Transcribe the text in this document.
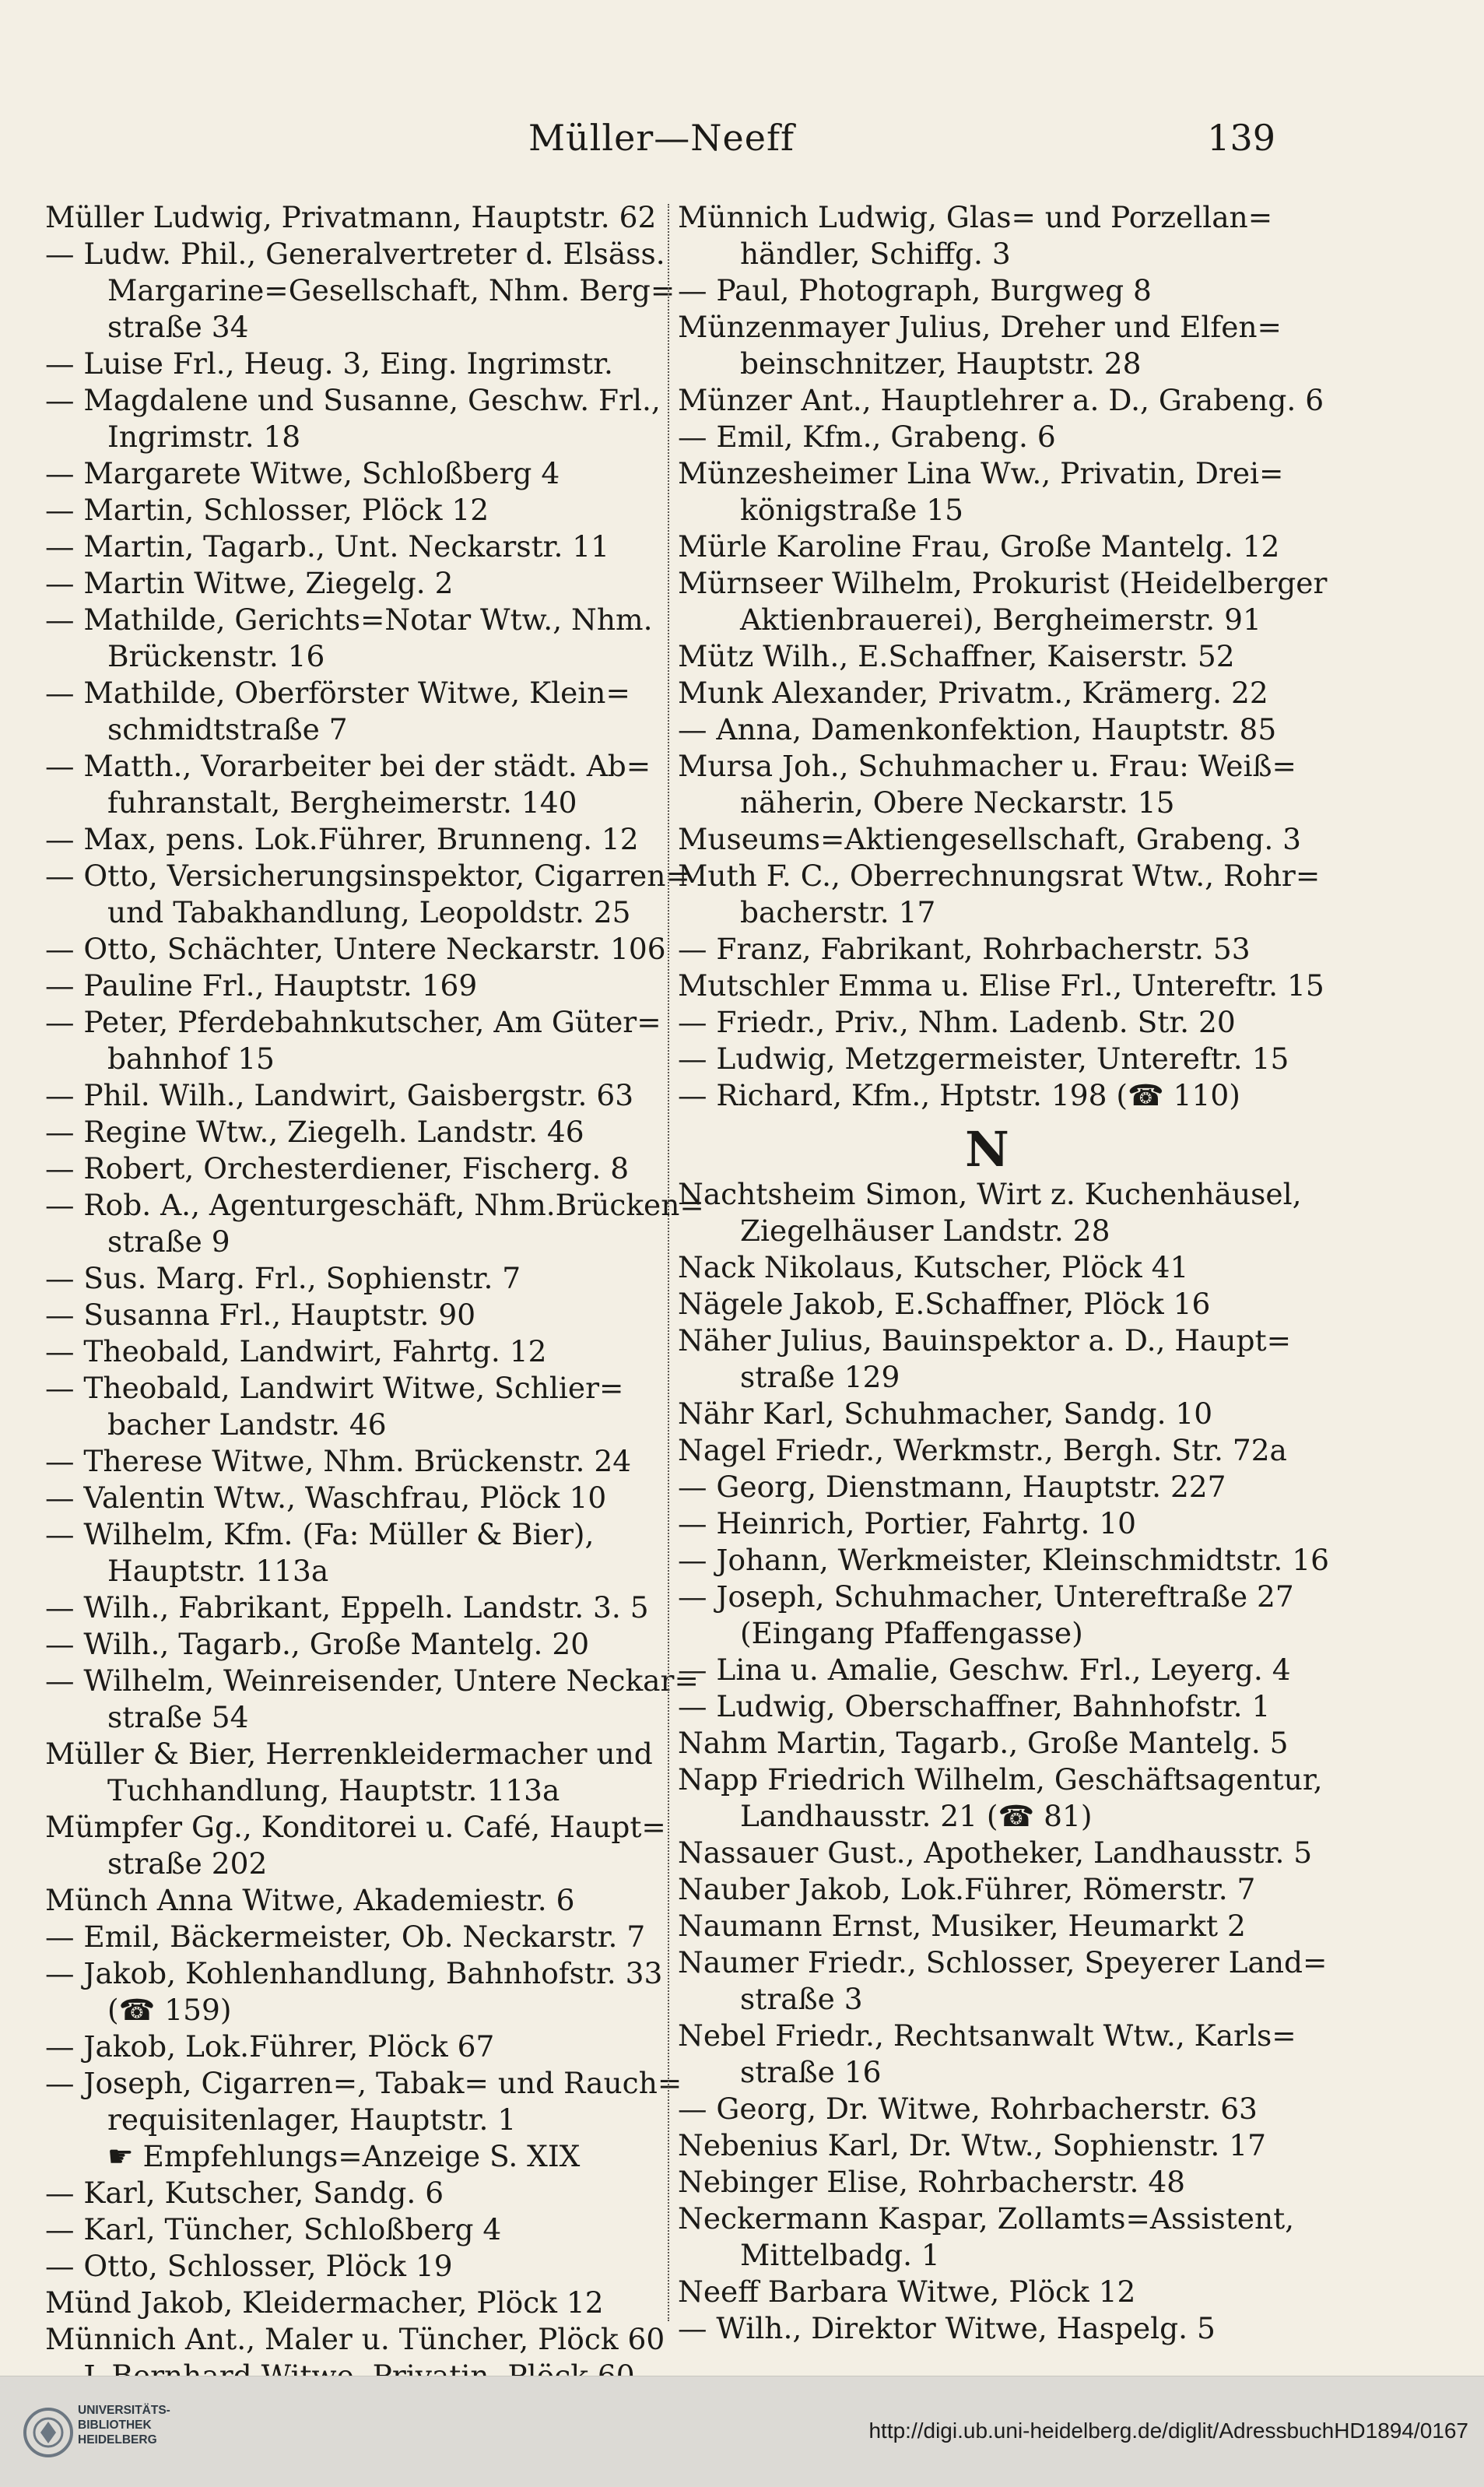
Müller—Neeff	139
Müller Ludwig, Privatmann, Hauptstr. 62
— Ludw. Phil., Generalvertreter d. Elsäss.
Margarine=Gesellschaft, Nhm. Berg=
straße 34
— Luise Frl., Heug. 3, Eing. Ingrimstr.
— Magdalene und Susanne, Geschw. Frl.,
Ingrimstr. 18
— Margarete Witwe, Schloßberg 4
— Martin, Schlosser, Plöck 12
— Martin, Tagarb., Unt. Neckarstr. 11
— Martin Witwe, Ziegelg. 2
— Mathilde, Gerichts=Notar Wtw., Nhm.
Brückenstr. 16
— Mathilde, Oberförster Witwe, Klein=
schmidtstraße 7
— Matth., Vorarbeiter bei der städt. Ab=
fuhranstalt, Bergheimerstr. 140
— Max, pens. Lok.Führer, Brunneng. 12
— Otto, Versicherungsinspektor, Cigarren=
und Tabakhandlung, Leopoldstr. 25
— Otto, Schächter, Untere Neckarstr. 106
— Pauline Frl., Hauptstr. 169
— Peter, Pferdebahnkutscher, Am Güter=
bahnhof 15
— Phil. Wilh., Landwirt, Gaisbergstr. 63
— Regine Wtw., Ziegelh. Landstr. 46
— Robert, Orchesterdiener, Fischerg. 8
— Rob. A., Agenturgeschäft, Nhm.Brücken=
straße 9
— Sus. Marg. Frl., Sophienstr. 7
— Susanna Frl., Hauptstr. 90
— Theobald, Landwirt, Fahrtg. 12
— Theobald, Landwirt Witwe, Schlier=
bacher Landstr. 46
— Therese Witwe, Nhm. Brückenstr. 24
— Valentin Wtw., Waschfrau, Plöck 10
— Wilhelm, Kfm. (Fa: Müller & Bier),
Hauptstr. 113a
— Wilh., Fabrikant, Eppelh. Landstr. 3. 5
— Wilh., Tagarb., Große Mantelg. 20
— Wilhelm, Weinreisender, Untere Neckar=
straße 54
Müller & Bier, Herrenkleidermacher und
Tuchhandlung, Hauptstr. 113a
Mümpfer Gg., Konditorei u. Café, Haupt=
straße 202
Münch Anna Witwe, Akademiestr. 6
— Emil, Bäckermeister, Ob. Neckarstr. 7
— Jakob, Kohlenhandlung, Bahnhofstr. 33
(☎ 159)
— Jakob, Lok.Führer, Plöck 67
— Joseph, Cigarren=, Tabak= und Rauch=
requisitenlager, Hauptstr. 1
☛ Empfehlungs=Anzeige S. XIX
— Karl, Kutscher, Sandg. 6
— Karl, Tüncher, Schloßberg 4
— Otto, Schlosser, Plöck 19
Münd Jakob, Kleidermacher, Plöck 12
Münnich Ant., Maler u. Tüncher, Plöck 60
Münnich Ludwig, Glas= und Porzellan=
händler, Schiffg. 3
— Paul, Photograph, Burgweg 8
Münzenmayer Julius, Dreher und Elfen=
beinschnitzer, Hauptstr. 28
Münzer Ant., Hauptlehrer a. D., Grabeng. 6
— Emil, Kfm., Grabeng. 6
Münzesheimer Lina Ww., Privatin, Drei=
königstraße 15
Mürle Karoline Frau, Große Mantelg. 12
Mürnseer Wilhelm, Prokurist (Heidelberger
Aktienbrauerei), Bergheimerstr. 91
Mütz Wilh., E.Schaffner, Kaiserstr. 52
Munk Alexander, Privatm., Krämerg. 22
— Anna, Damenkonfektion, Hauptstr. 85
Mursa Joh., Schuhmacher u. Frau: Weiß=
näherin, Obere Neckarstr. 15
Museums=Aktiengesellschaft, Grabeng. 3
Muth F. C., Oberrechnungsrat Wtw., Rohr=
bacherstr. 17
— Franz, Fabrikant, Rohrbacherstr. 53
Mutschler Emma u. Elise Frl., Untereftr. 15
— Friedr., Priv., Nhm. Ladenb. Str. 20
— Ludwig, Metzgermeister, Untereftr. 15
— Richard, Kfm., Hptstr. 198 (☎ 110)
N
Nachtsheim Simon, Wirt z. Kuchenhäusel,
Ziegelhäuser Landstr. 28
Nack Nikolaus, Kutscher, Plöck 41
Nägele Jakob, E.Schaffner, Plöck 16
Näher Julius, Bauinspektor a. D., Haupt=
straße 129
Nähr Karl, Schuhmacher, Sandg. 10
Nagel Friedr., Werkmstr., Bergh. Str. 72a
— Georg, Dienstmann, Hauptstr. 227
— Heinrich, Portier, Fahrtg. 10
— Johann, Werkmeister, Kleinschmidtstr. 16
— Joseph, Schuhmacher, Untereftraße 27
(Eingang Pfaffengasse)
— Lina u. Amalie, Geschw. Frl., Leyerg. 4
— Ludwig, Oberschaffner, Bahnhofstr. 1
Nahm Martin, Tagarb., Große Mantelg. 5
Napp Friedrich Wilhelm, Geschäftsagentur,
Landhausstr. 21 (☎ 81)
Nassauer Gust., Apotheker, Landhausstr. 5
Nauber Jakob, Lok.Führer, Römerstr. 7
Naumann Ernst, Musiker, Heumarkt 2
Naumer Friedr., Schlosser, Speyerer Land=
straße 3
Nebel Friedr., Rechtsanwalt Wtw., Karls=
straße 16
— Georg, Dr. Witwe, Rohrbacherstr. 63
Nebenius Karl, Dr. Wtw., Sophienstr. 17
Nebinger Elise, Rohrbacherstr. 48
Neckermann Kaspar, Zollamts=Assistent,
Mittelbadg. 1
Neeff Barbara Witwe, Plöck 12
— Wilh., Direktor Witwe, Haspelg. 5
UNIVERSITÄTS-
BIBLIOTHEK
HEIDELBERG	http://digi.ub.uni-heidelberg.de/diglit/AdressbuchHD1894/0167
